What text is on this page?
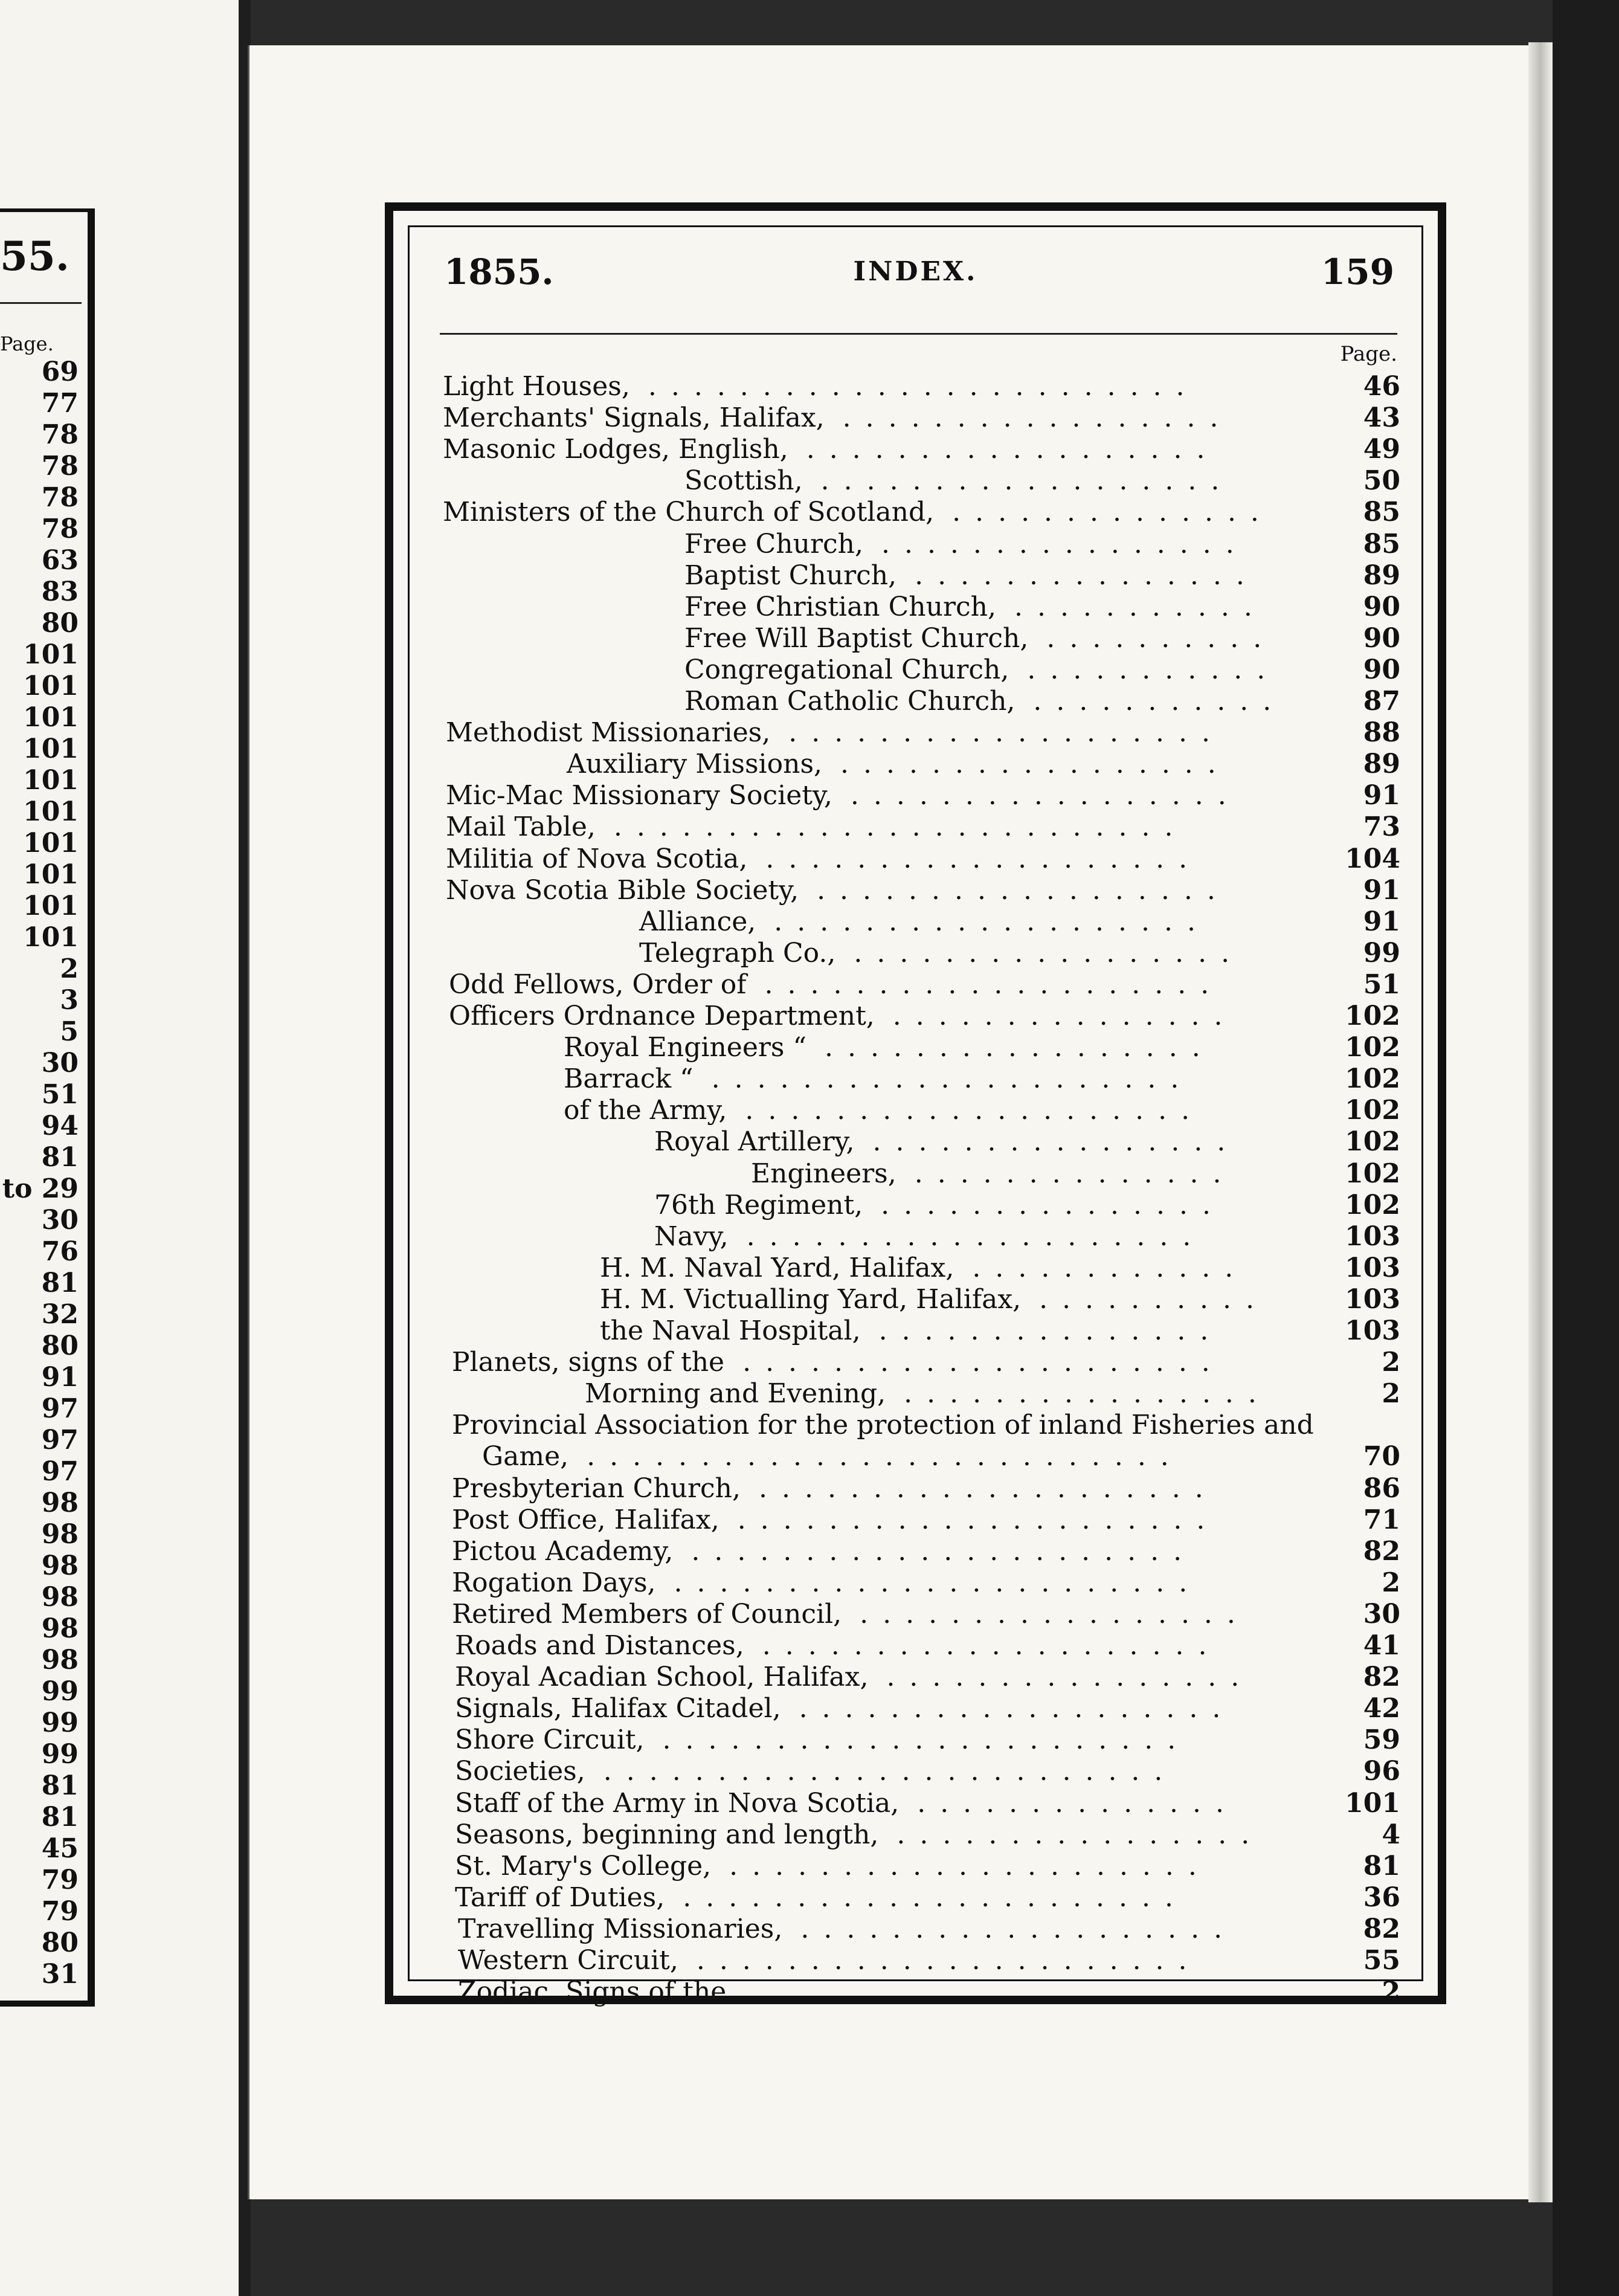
55.
Page.
69
77
78
78
78
78
63
83
80
101
101
101
101
101
101
101
101
101
101
2
3
5
30
51
94
81
to 29
30
76
81
32
80
91
97
97
97
98
98
98
98
98
98
99
99
99
81
81
45
79
79
80
31
1855.	INDEX.	159
Page.
Light Houses,	46
........................
Merchants' Signals, Halifax,	43
.................
Masonic Lodges, English,	49
..................
Scottish,	50
..................
Ministers of the Church of Scotland,	85
..............
Free Church,	85
................
Baptist Church,	89
...............
Free Christian Church,	90
...........
Free Will Baptist Church,	90
..........
Congregational Church,	90
...........
Roman Catholic Church,	87
...........
Methodist Missionaries,	88
...................
Auxiliary Missions,	89
.................
Mic-Mac Missionary Society,	91
.................
Mail Table,	73
.........................
Militia of Nova Scotia,	104
...................
Nova Scotia Bible Society,	91
..................
Alliance,	91
...................
Telegraph Co.,	99
.................
Odd Fellows, Order of	51
....................
Officers Ordnance Department,	102
...............
Royal Engineers “	102
.................
Barrack “	102
.....................
of the Army,	102
....................
Royal Artillery,	102
................
Engineers,	102
..............
76th Regiment,	102
...............
Navy,	103
....................
H. M. Naval Yard, Halifax,	103
............
H. M. Victualling Yard, Halifax,	103
..........
the Naval Hospital,	103
...............
Planets, signs of the	2
.....................
Morning and Evening,	2
................
Provincial Association for the protection of inland Fisheries and
Game,	70
..........................
Presbyterian Church,	86
....................
Post Office, Halifax,	71
.....................
Pictou Academy,	82
......................
Rogation Days,	2
.......................
Retired Members of Council,	30
.................
Roads and Distances,	41
....................
Royal Acadian School, Halifax,	82
................
Signals, Halifax Citadel,	42
...................
Shore Circuit,	59
.......................
Societies,	96
.........................
Staff of the Army in Nova Scotia,	101
..............
Seasons, beginning and length,	4
................
St. Mary's College,	81
.....................
Tariff of Duties,	36
......................
Travelling Missionaries,	82
...................
Western Circuit,	55
......................
Zodiac, Signs of the	2
.....................
